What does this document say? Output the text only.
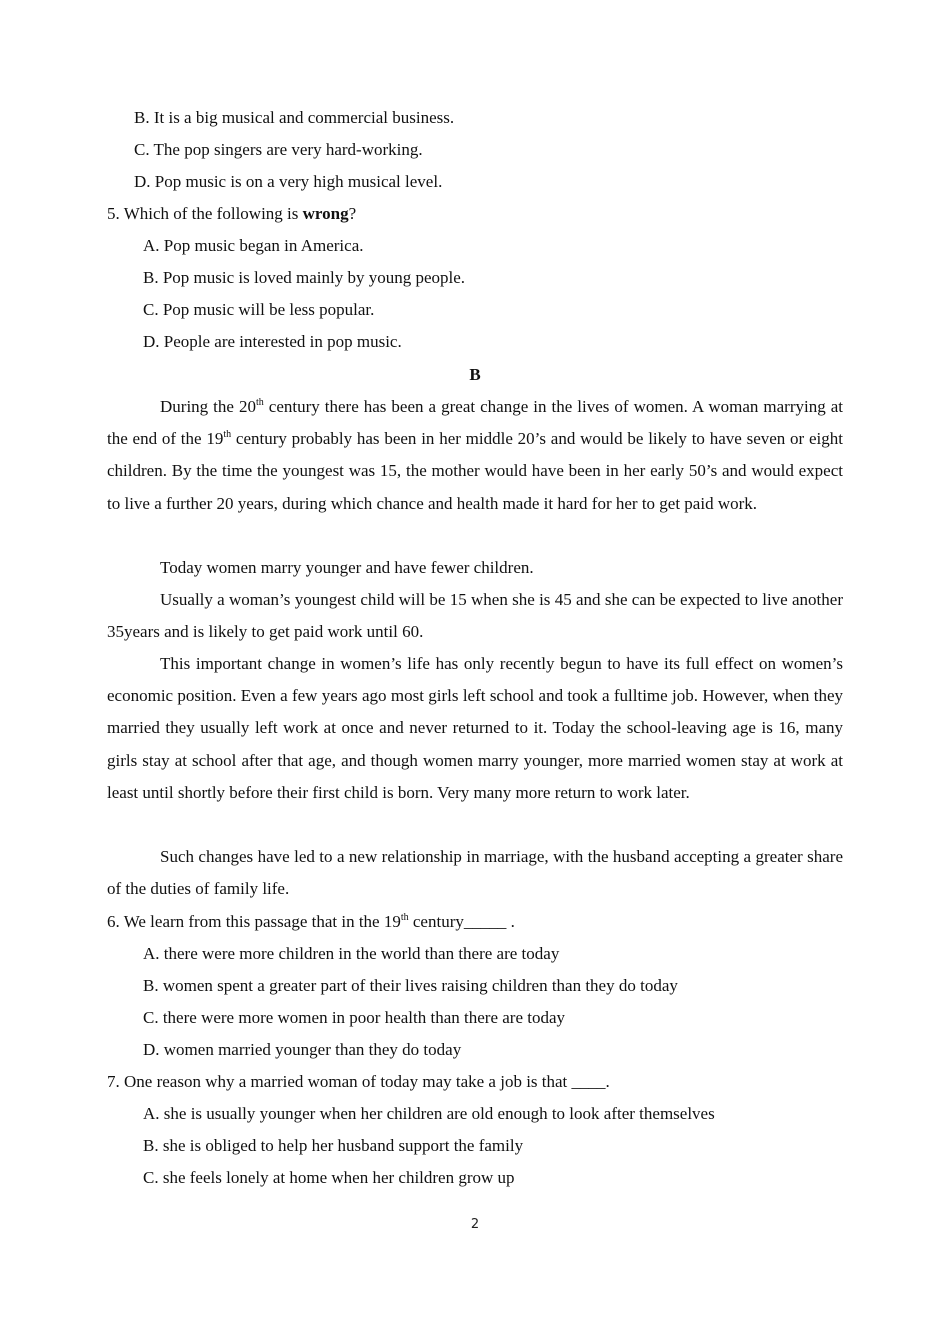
B. It is a big musical and commercial business.
C. The pop singers are very hard-working.
D. Pop music is on a very high musical level.
5. Which of the following is wrong?
A. Pop music began in America.
B. Pop music is loved mainly by young people.
C. Pop music will be less popular.
D. People are interested in pop music.
B

During the 20th century there has been a great change in the lives of women. A woman marrying at the end of the 19th century probably has been in her middle 20’s and would be likely to have seven or eight children. By the time the youngest was 15, the mother would have been in her early 50’s and would expect to live a further 20 years, during which chance and health made it hard for her to get paid work.

Today women marry younger and have fewer children.

Usually a woman’s youngest child will be 15 when she is 45 and she can be expected to live another 35years and is likely to get paid work until 60.

This important change in women’s life has only recently begun to have its full effect on women’s economic position. Even a few years ago most girls left school and took a fulltime job. However, when they married they usually left work at once and never returned to it. Today the school-leaving age is 16, many girls stay at school after that age, and though women marry younger, more married women stay at work at least until shortly before their first child is born. Very many more return to work later.

Such changes have led to a new relationship in marriage, with the husband accepting a greater share of the duties of family life.

6. We learn from this passage that in the 19th century_____ .
A. there were more children in the world than there are today
B. women spent a greater part of their lives raising children than they do today
C. there were more women in poor health than there are today
D. women married younger than they do today
7. One reason why a married woman of today may take a job is that ____.
A. she is usually younger when her children are old enough to look after themselves
B. she is obliged to help her husband support the family
C. she feels lonely at home when her children grow up
2
